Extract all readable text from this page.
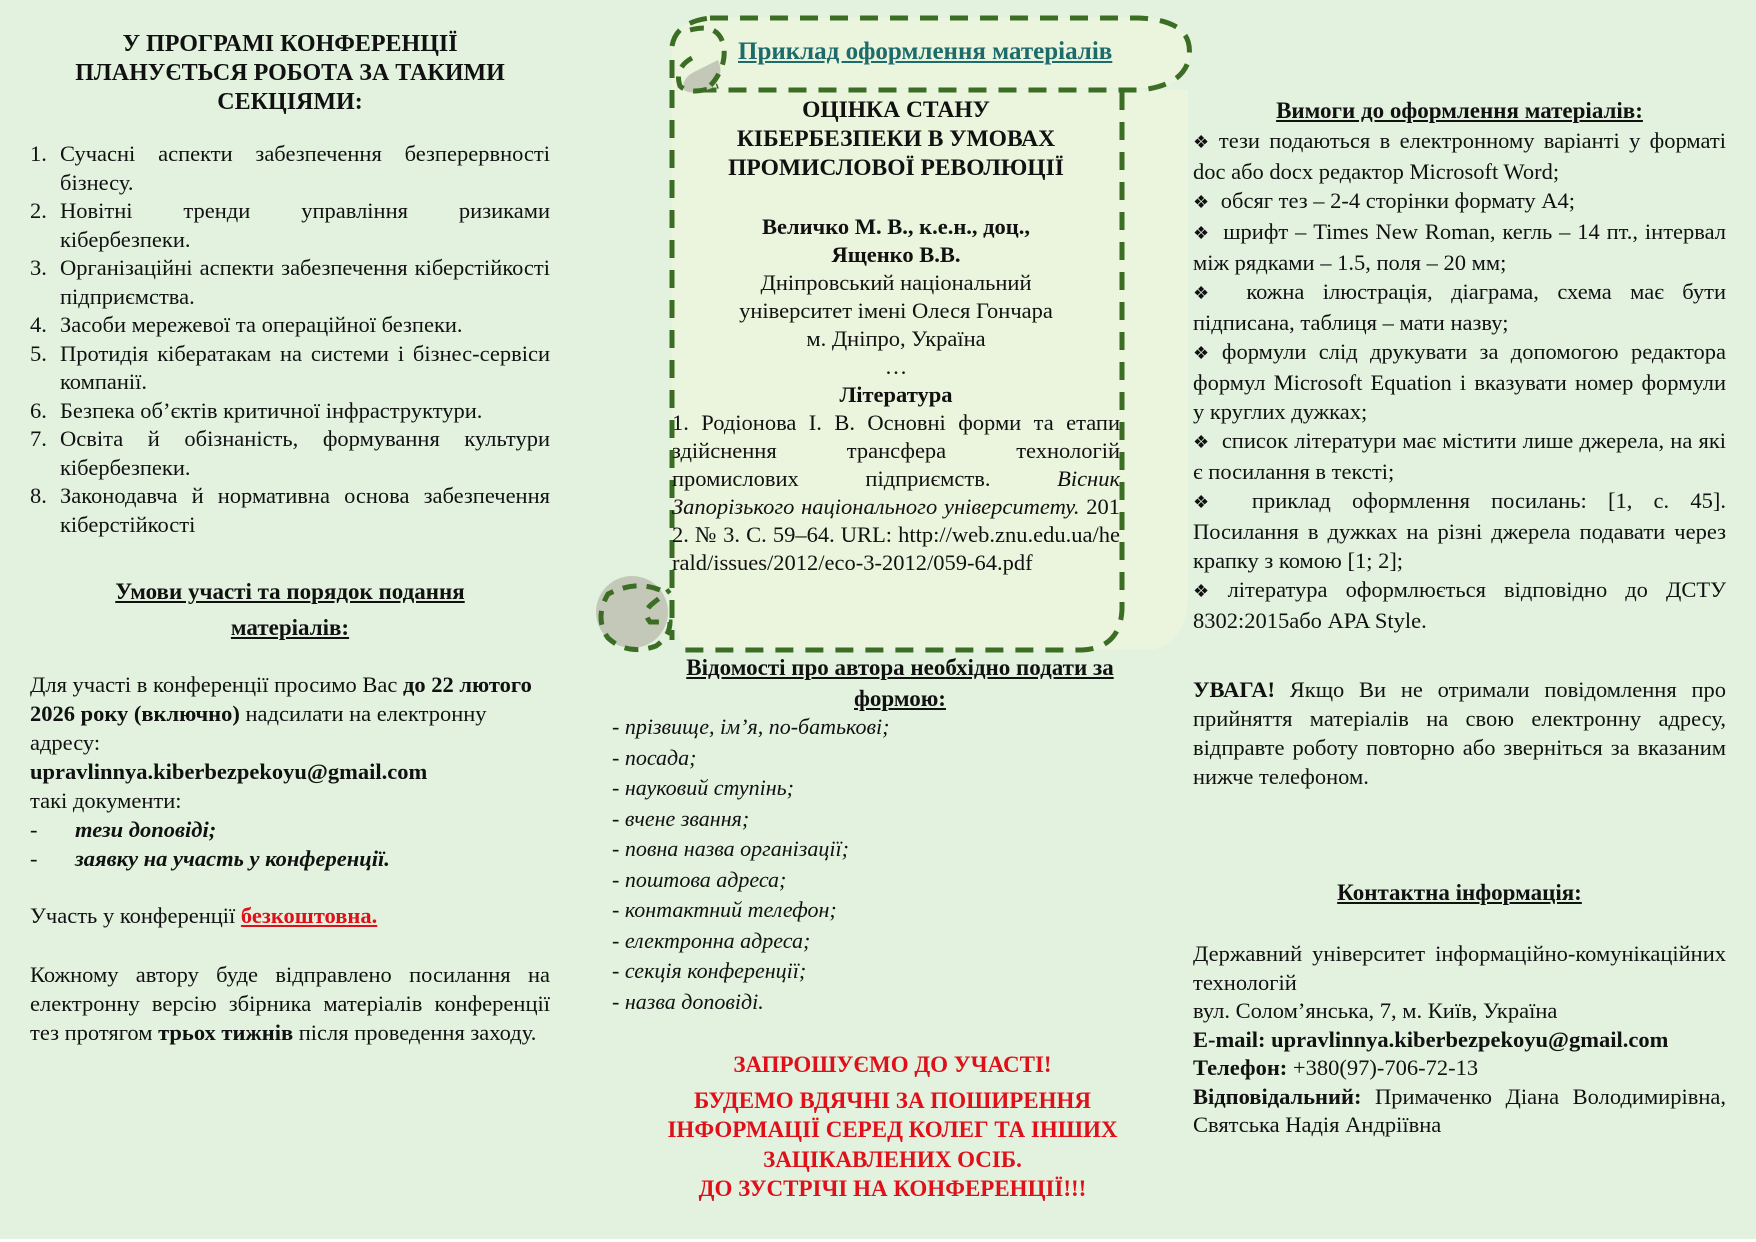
У ПРОГРАМІ КОНФЕРЕНЦІЇ
ПЛАНУЄТЬСЯ РОБОТА ЗА ТАКИМИ
СЕКЦІЯМИ:
1. Сучасні аспекти забезпечення безперервності бізнесу.
2. Новітні тренди управління ризиками кібербезпеки.
3. Організаційні аспекти забезпечення кіберстійкості підприємства.
4. Засоби мережевої та операційної безпеки.
5. Протидія кібератакам на системи і бізнес-сервіси компанії.
6. Безпека об’єктів критичної інфраструктури.
7. Освіта й обізнаність, формування культури кібербезпеки.
8. Законодавча й нормативна основа забезпечення кіберстійкості
Умови участі та порядок подання
матеріалів:

Для участі в конференції просимо Вас до 22 лютого 2026 року (включно) надсилати на електронну адресу:

upravlinnya.kiberbezpekoyu@gmail.com

такі документи:

-	тези доповіді;
-	заявку на участь у конференції.
Участь у конференції безкоштовна.
Кожному автору буде відправлено посилання на електронну версію збірника матеріалів конференції тез протягом трьох тижнів після проведення заходу.
Приклад оформлення матеріалів
ОЦІНКА СТАНУ
КІБЕРБЕЗПЕКИ В УМОВАХ
ПРОМИСЛОВОЇ РЕВОЛЮЦІЇ
Величко М. В., к.е.н., доц.,
Ященко В.В.
Дніпровський національний
університет імені Олеся Гончара
м. Дніпро, Україна
…
Література
1. Родіонова І. В. Основні форми та етапи здійснення трансфера технологій промислових підприємств. Вісник Запорізького національного університету. 2012. № 3. С. 59–64. URL: http://web.znu.edu.ua/herald/issues/2012/eco-3-2012/059-64.pdf
Відомості про автора необхідно подати за
формою:
- прізвище, ім’я, по-батькові;
- посада;
- науковий ступінь;
- вчене звання;
- повна назва організації;
- поштова адреса;
- контактний телефон;
- електронна адреса;
- секція конференції;
- назва доповіді.
ЗАПРОШУЄМО ДО УЧАСТІ!
БУДЕМО ВДЯЧНІ ЗА ПОШИРЕННЯ
ІНФОРМАЦІЇ СЕРЕД КОЛЕГ ТА ІНШИХ
ЗАЦІКАВЛЕНИХ ОСІБ.
ДО ЗУСТРІЧІ НА КОНФЕРЕНЦІЇ!!!
Вимоги до оформлення матеріалів:
❖ тези подаються в електронному варіанті у форматі doc або docx редактор Microsoft Word;
❖ обсяг тез – 2-4 сторінки формату А4;
❖ шрифт – Times New Roman, кегль – 14 пт., інтервал між рядками – 1.5, поля – 20 мм;
❖ кожна ілюстрація, діаграма, схема має бути підписана, таблиця – мати назву;
❖ формули слід друкувати за допомогою редактора формул Microsoft Equation і вказувати номер формули у круглих дужках;
❖ список літератури має містити лише джерела, на які є посилання в тексті;
❖ приклад оформлення посилань: [1, с. 45]. Посилання в дужках на різні джерела подавати через крапку з комою [1; 2];
❖ література оформлюється відповідно до ДСТУ 8302:2015або APA Style.
УВАГА! Якщо Ви не отримали повідомлення про прийняття матеріалів на свою електронну адресу, відправте роботу повторно або зверніться за вказаним нижче телефоном.
Контактна інформація:

Державний університет інформаційно-комунікаційних технологій

вул. Солом’янська, 7, м. Київ, Україна

E-mail: upravlinnya.kiberbezpekoyu@gmail.com

Телефон: +380(97)-706-72-13

Відповідальний: Примаченко Діана Володимирівна, Святська Надія Андріївна
